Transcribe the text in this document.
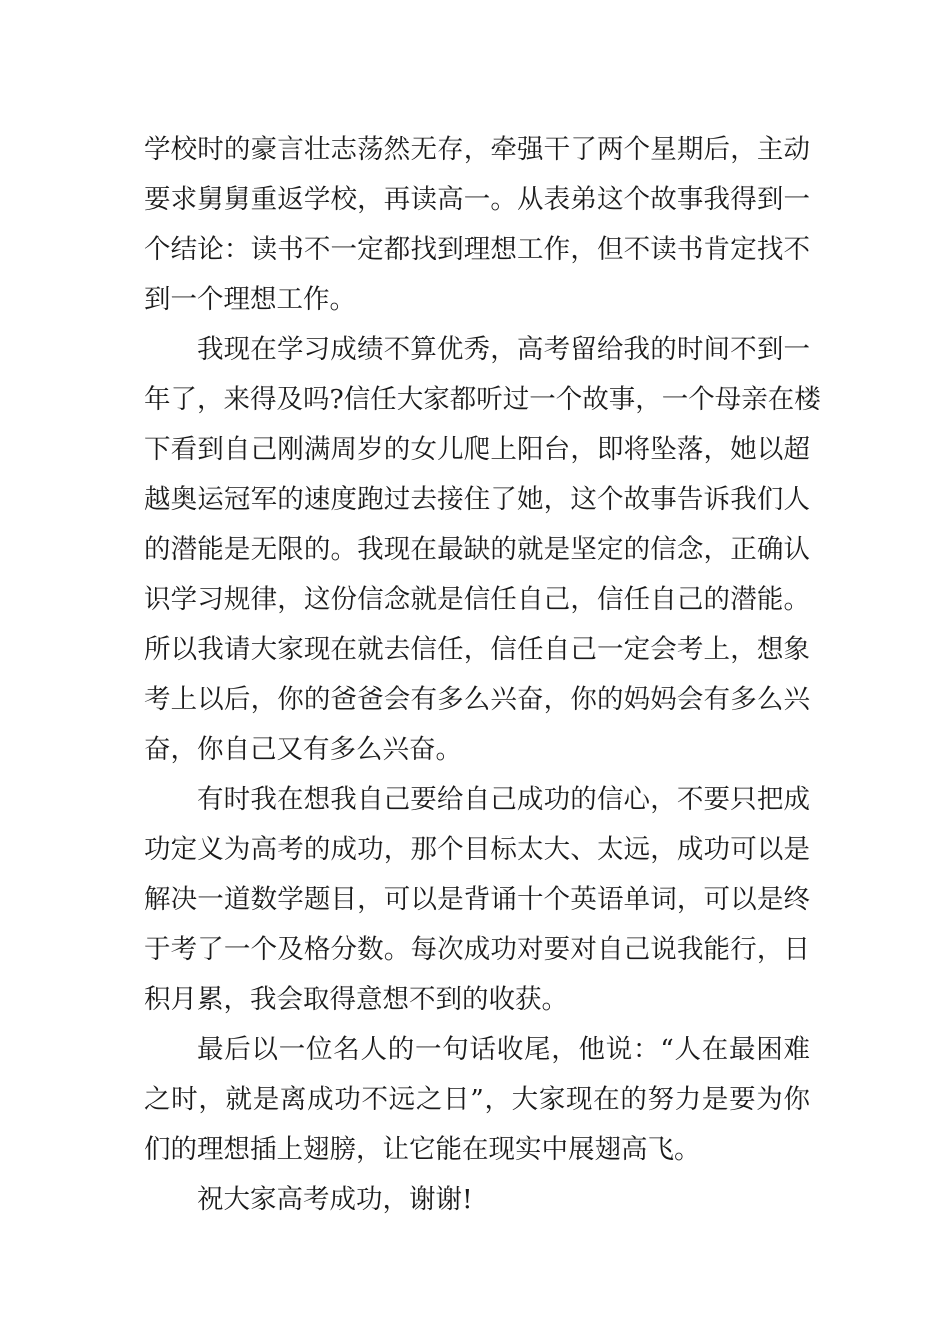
学校时的豪言壮志荡然无存，牵强干了两个星期后，主动
要求舅舅重返学校，再读高一。从表弟这个故事我得到一
个结论：读书不一定都找到理想工作，但不读书肯定找不
到一个理想工作。
我现在学习成绩不算优秀，高考留给我的时间不到一
年了，来得及吗?信任大家都听过一个故事，一个母亲在楼
下看到自己刚满周岁的女儿爬上阳台，即将坠落，她以超
越奥运冠军的速度跑过去接住了她，这个故事告诉我们人
的潜能是无限的。我现在最缺的就是坚定的信念，正确认
识学习规律，这份信念就是信任自己，信任自己的潜能。
所以我请大家现在就去信任，信任自己一定会考上，想象
考上以后，你的爸爸会有多么兴奋，你的妈妈会有多么兴
奋，你自己又有多么兴奋。
有时我在想我自己要给自己成功的信心，不要只把成
功定义为高考的成功，那个目标太大、太远，成功可以是
解决一道数学题目，可以是背诵十个英语单词，可以是终
于考了一个及格分数。每次成功对要对自己说我能行，日
积月累，我会取得意想不到的收获。
最后以一位名人的一句话收尾，他说：“人在最困难
之时，就是离成功不远之日”，大家现在的努力是要为你
们的理想插上翅膀，让它能在现实中展翅高飞。
祝大家高考成功，谢谢!
